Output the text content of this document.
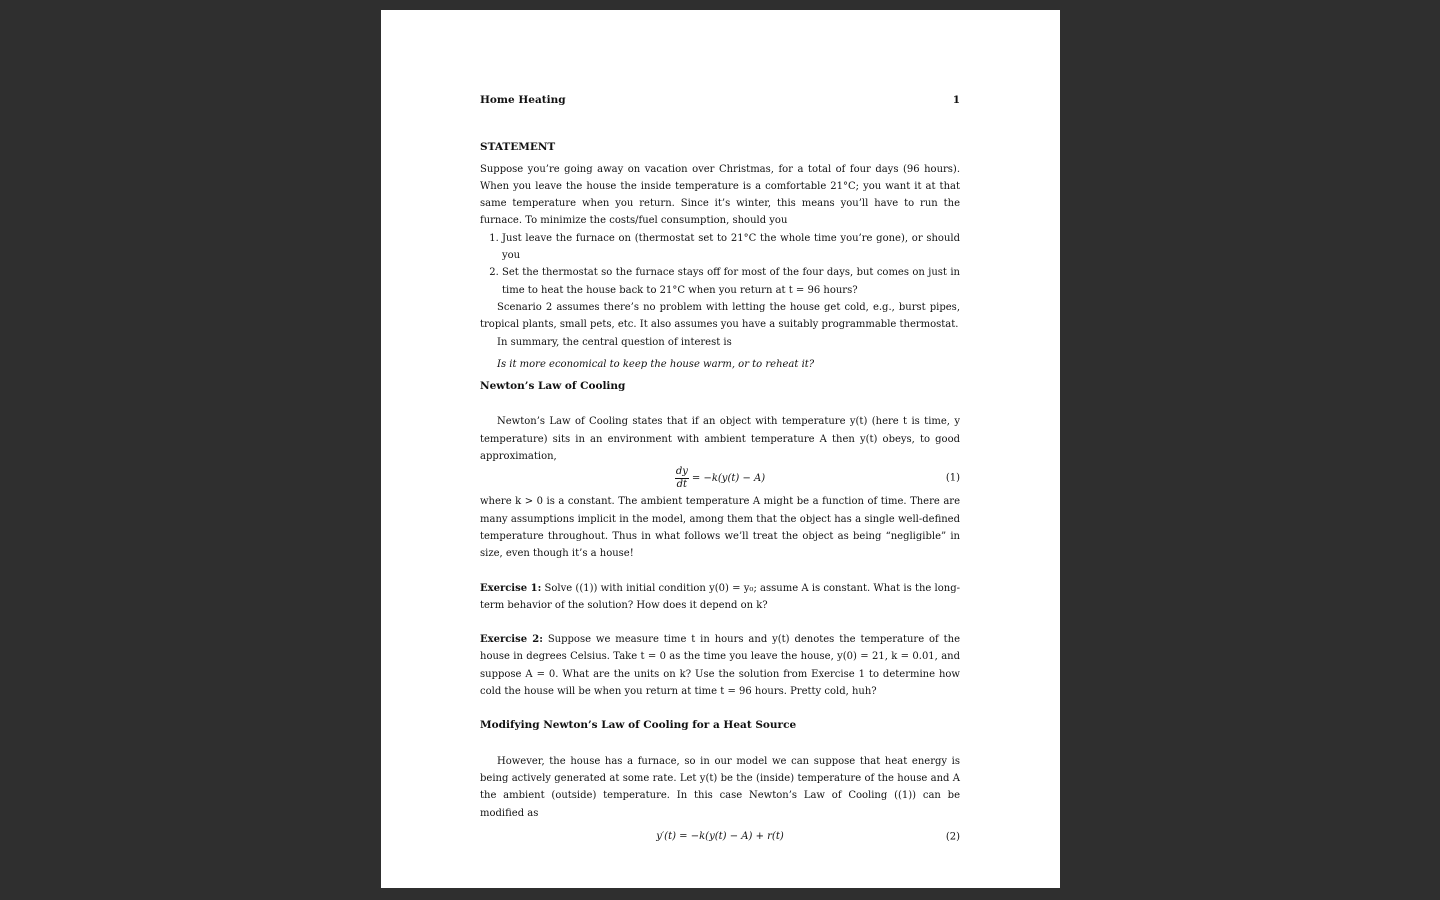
Home Heating	1
STATEMENT

Suppose you’re going away on vacation over Christmas, for a total of four days (96 hours). When you leave the house the inside temperature is a comfortable 21°C; you want it at that same temperature when you return. Since it’s winter, this means you’ll have to run the furnace. To minimize the costs/fuel consumption, should you

1. Just leave the furnace on (thermostat set to 21°C the whole time you’re gone), or should you
2. Set the thermostat so the furnace stays off for most of the four days, but comes on just in time to heat the house back to 21°C when you return at t = 96 hours?

Scenario 2 assumes there’s no problem with letting the house get cold, e.g., burst pipes, tropical plants, small pets, etc. It also assumes you have a suitably programmable thermostat.

In summary, the central question of interest is

Is it more economical to keep the house warm, or to reheat it?

Newton’s Law of Cooling

Newton’s Law of Cooling states that if an object with temperature y(t) (here t is time, y temperature) sits in an environment with ambient temperature A then y(t) obeys, to good approximation,

$\frac{dy}{dt} = -k(y(t) - A)$	(1)

where k > 0 is a constant. The ambient temperature A might be a function of time. There are many assumptions implicit in the model, among them that the object has a single well-defined temperature throughout. Thus in what follows we’ll treat the object as being “negligible” in size, even though it’s a house!

Exercise 1: Solve ((1)) with initial condition y(0) = y₀; assume A is constant. What is the long-term behavior of the solution? How does it depend on k?

Exercise 2: Suppose we measure time t in hours and y(t) denotes the temperature of the house in degrees Celsius. Take t = 0 as the time you leave the house, y(0) = 21, k = 0.01, and suppose A = 0. What are the units on k? Use the solution from Exercise 1 to determine how cold the house will be when you return at time t = 96 hours. Pretty cold, huh?

Modifying Newton’s Law of Cooling for a Heat Source

However, the house has a furnace, so in our model we can suppose that heat energy is being actively generated at some rate. Let y(t) be the (inside) temperature of the house and A the ambient (outside) temperature. In this case Newton’s Law of Cooling ((1)) can be modified as

y′(t) = −k(y(t) − A) + r(t)	(2)
